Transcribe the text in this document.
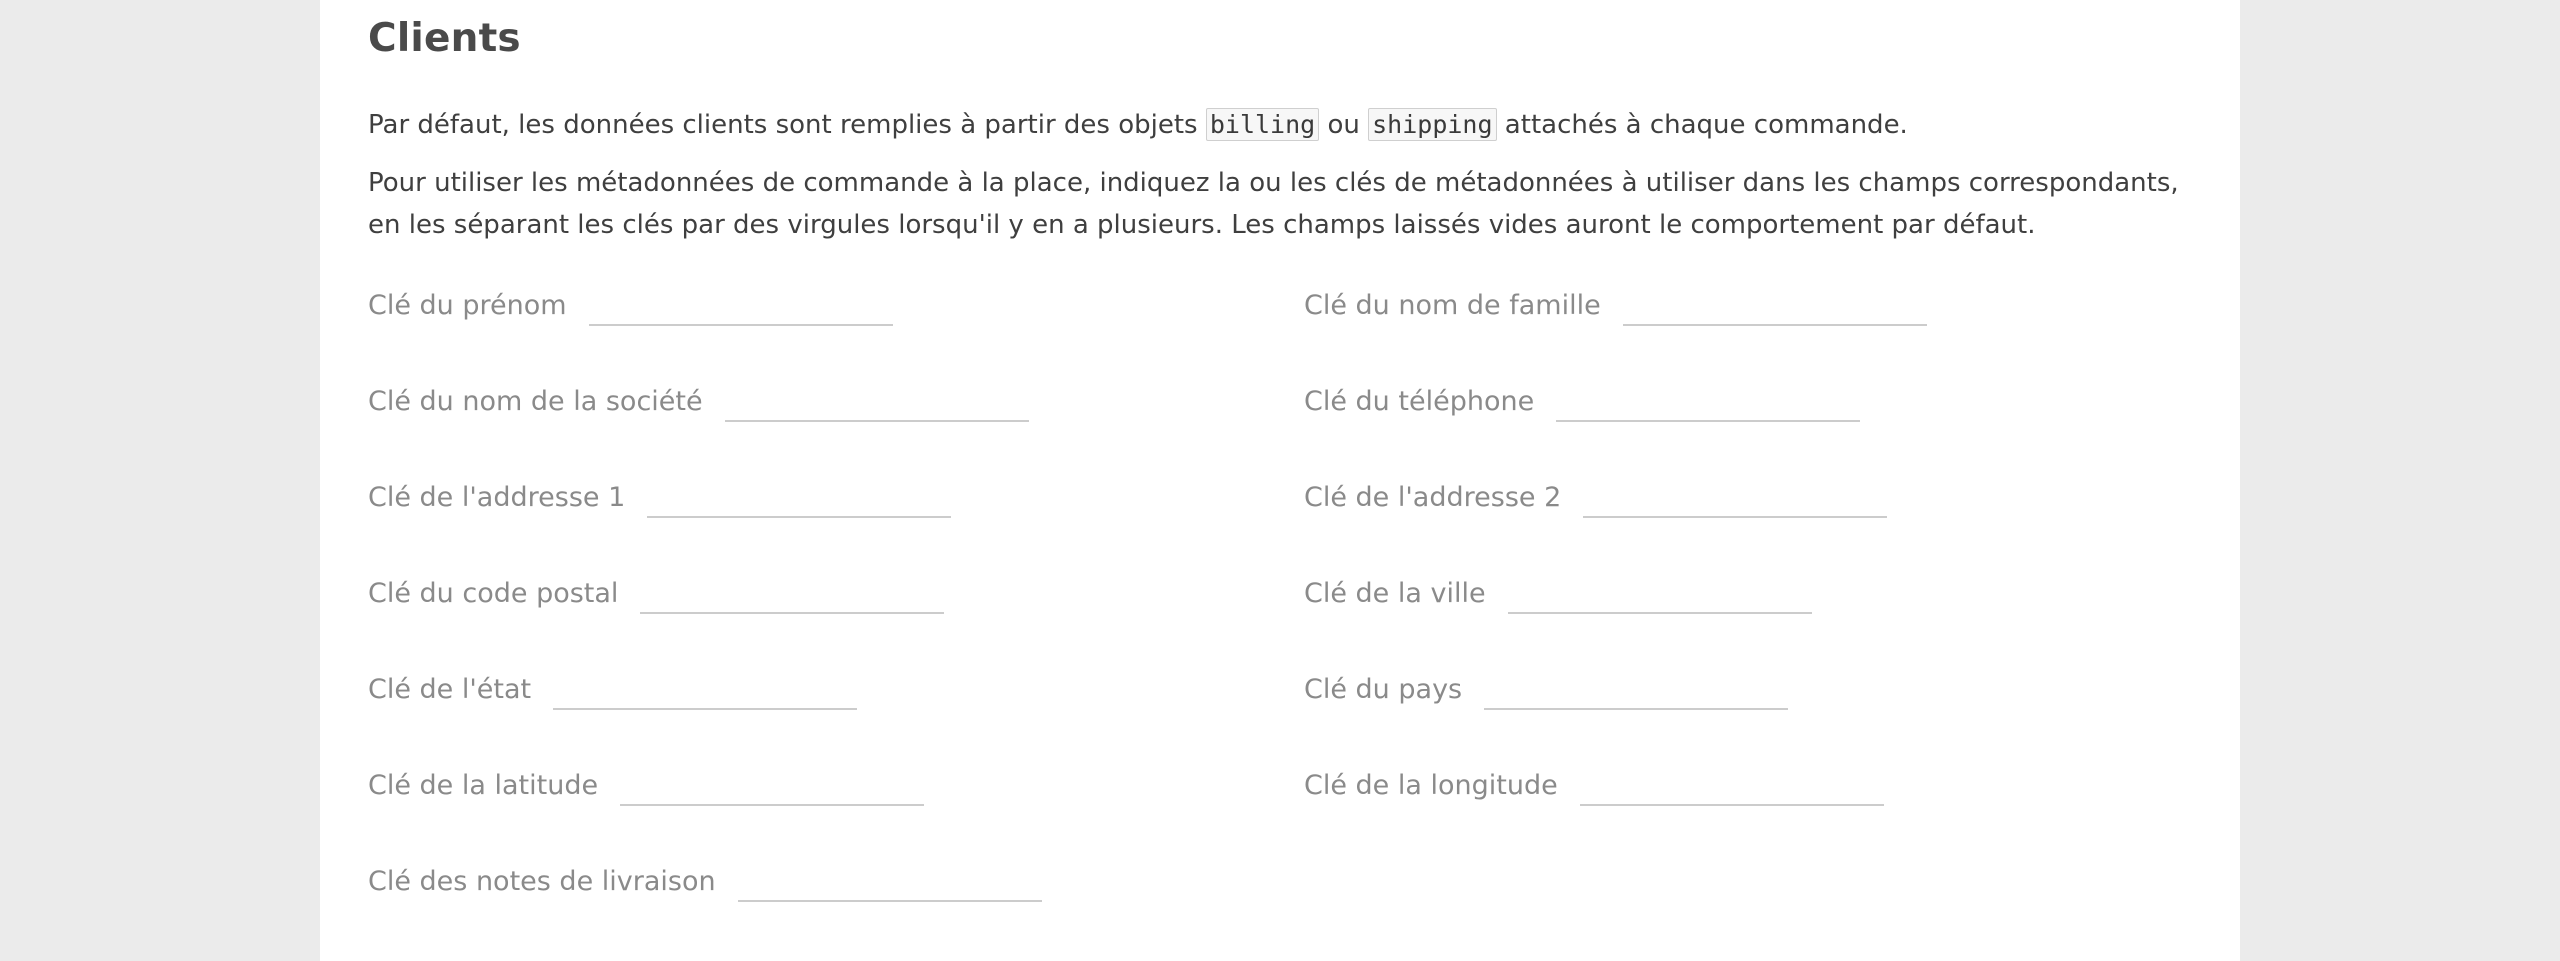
Clients

Par défaut, les données clients sont remplies à partir des objets billing ou shipping attachés à chaque commande.

Pour utiliser les métadonnées de commande à la place, indiquez la ou les clés de métadonnées à utiliser dans les champs correspondants, en les séparant les clés par des virgules lorsqu'il y en a plusieurs. Les champs laissés vides auront le comportement par défaut.

Clé du prénom	Clé du nom de famille
Clé du nom de la société	Clé du téléphone
Clé de l'addresse 1	Clé de l'addresse 2
Clé du code postal	Clé de la ville
Clé de l'état	Clé du pays
Clé de la latitude	Clé de la longitude
Clé des notes de livraison
